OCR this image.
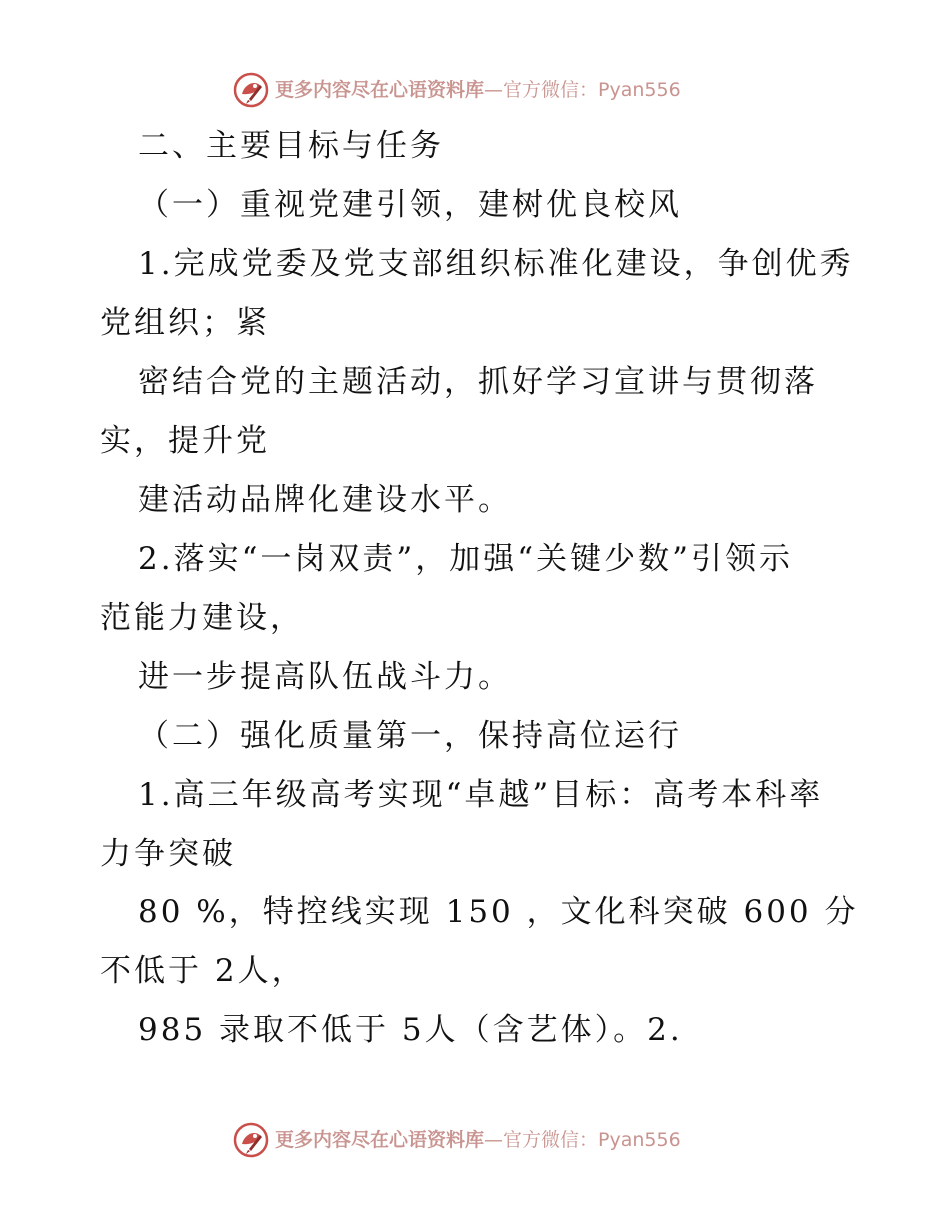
更多内容尽在心语资料库—官方微信：Pyan556

二、主要目标与任务

（一）重视党建引领，建树优良校风

1.完成党委及党支部组织标准化建设，争创优秀

党组织；紧

密结合党的主题活动，抓好学习宣讲与贯彻落

实，提升党

建活动品牌化建设水平。

2.落实“一岗双责”，加强“关键少数”引领示

范能力建设，

进一步提高队伍战斗力。

（二）强化质量第一，保持高位运行

1.高三年级高考实现“卓越”目标：高考本科率

力争突破

80 %，特控线实现 150 ，文化科突破 600 分

不低于 2人，

985 录取不低于 5人（含艺体）。2.

更多内容尽在心语资料库—官方微信：Pyan556
